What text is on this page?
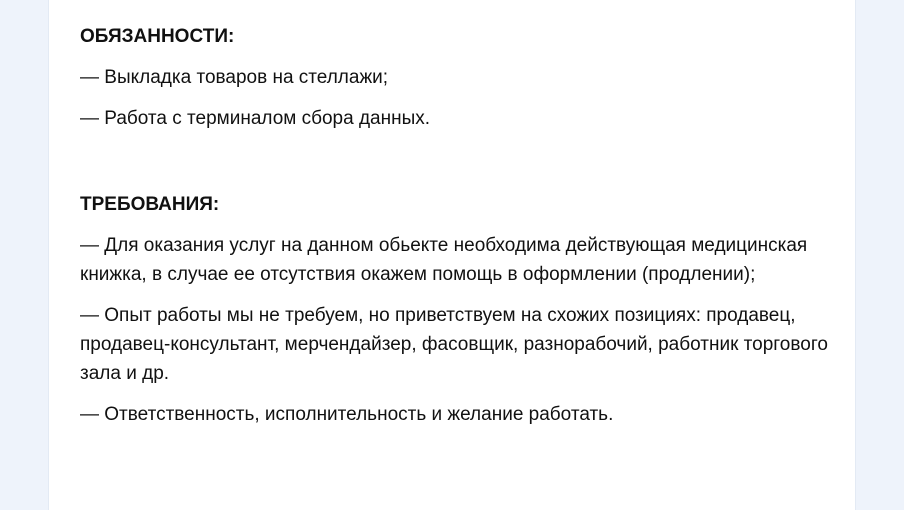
ОБЯЗАННОСТИ:
— Выкладка товаров на стеллажи;
— Работа с терминалом сбора данных.
ТРЕБОВАНИЯ:
— Для оказания услуг на данном обьекте необходима действующая медицинская книжка, в случае ее отсутствия окажем помощь в оформлении (продлении);
— Опыт работы мы не требуем, но приветствуем на схожих позициях: продавец, продавец-консультант, мерчендайзер, фасовщик, разнорабочий, работник торгового зала и др.
— Ответственность, исполнительность и желание работать.
